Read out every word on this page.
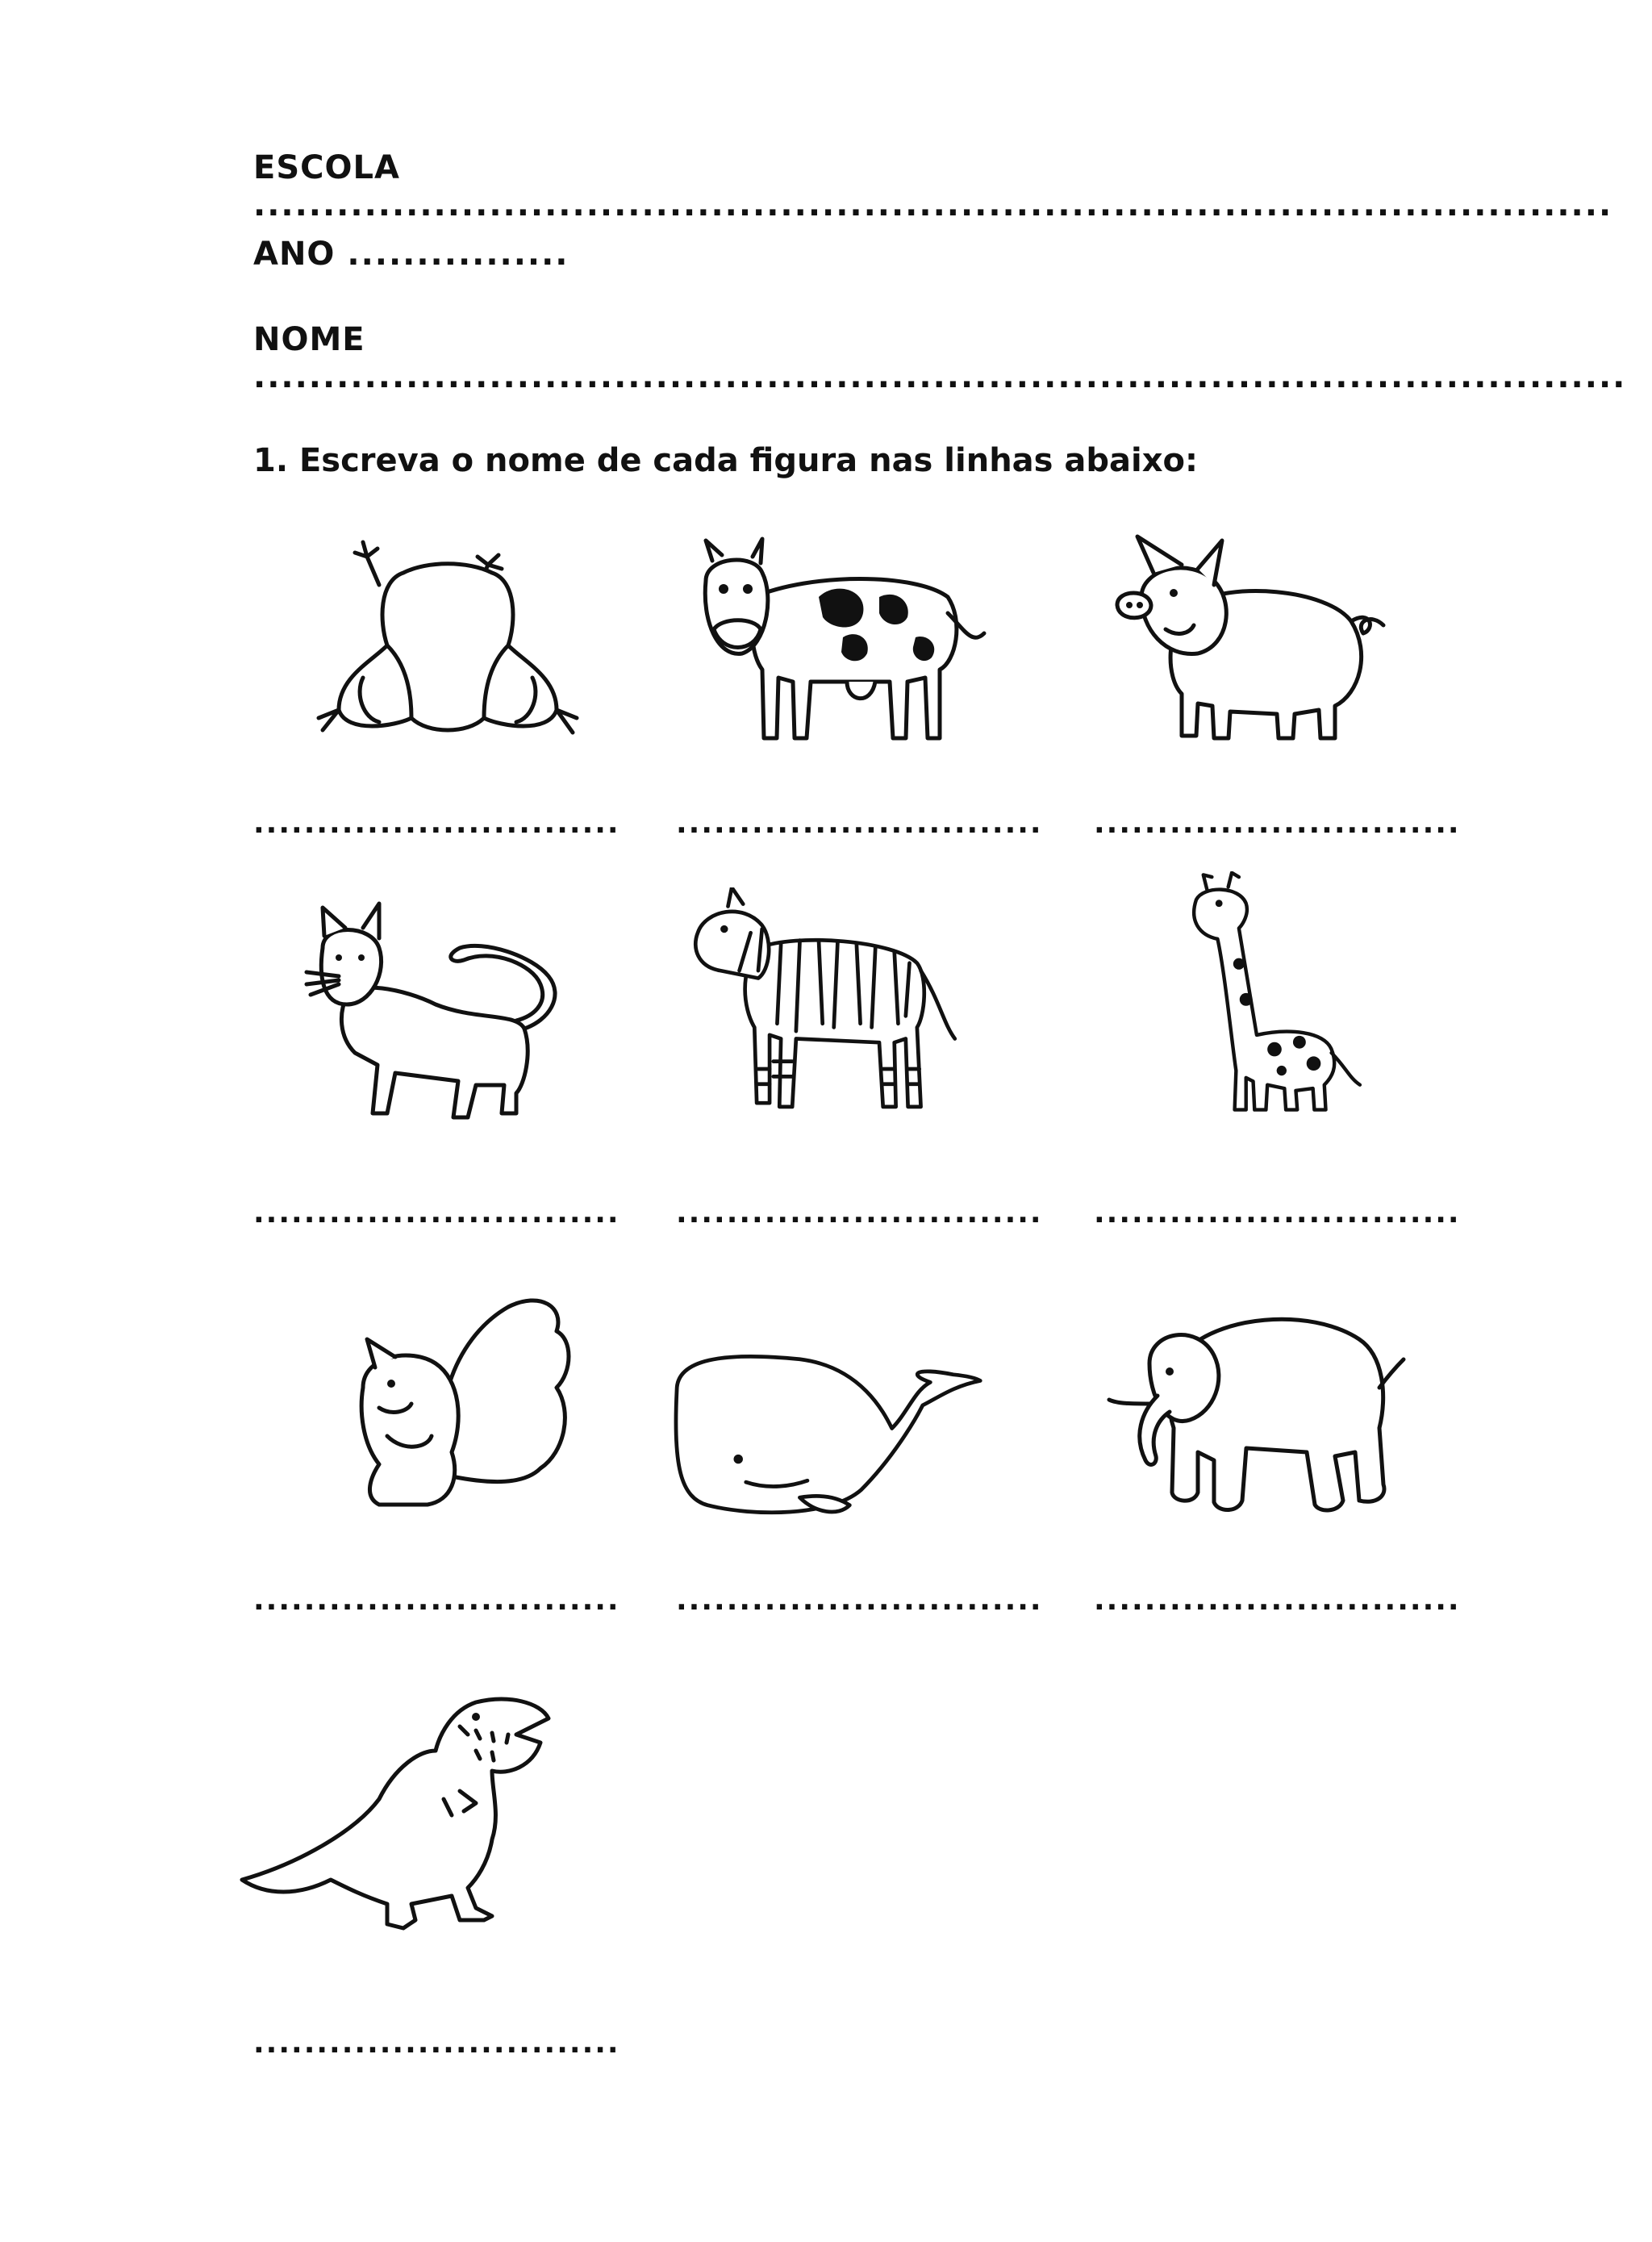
ESCOLA ..................................................................................................
ANO ................
NOME ...................................................................................................
1. Escreva o nome de cada figura nas linhas abaixo:
............................. ............................. .............................
............................. ............................. .............................
............................. ............................. .............................
.............................
